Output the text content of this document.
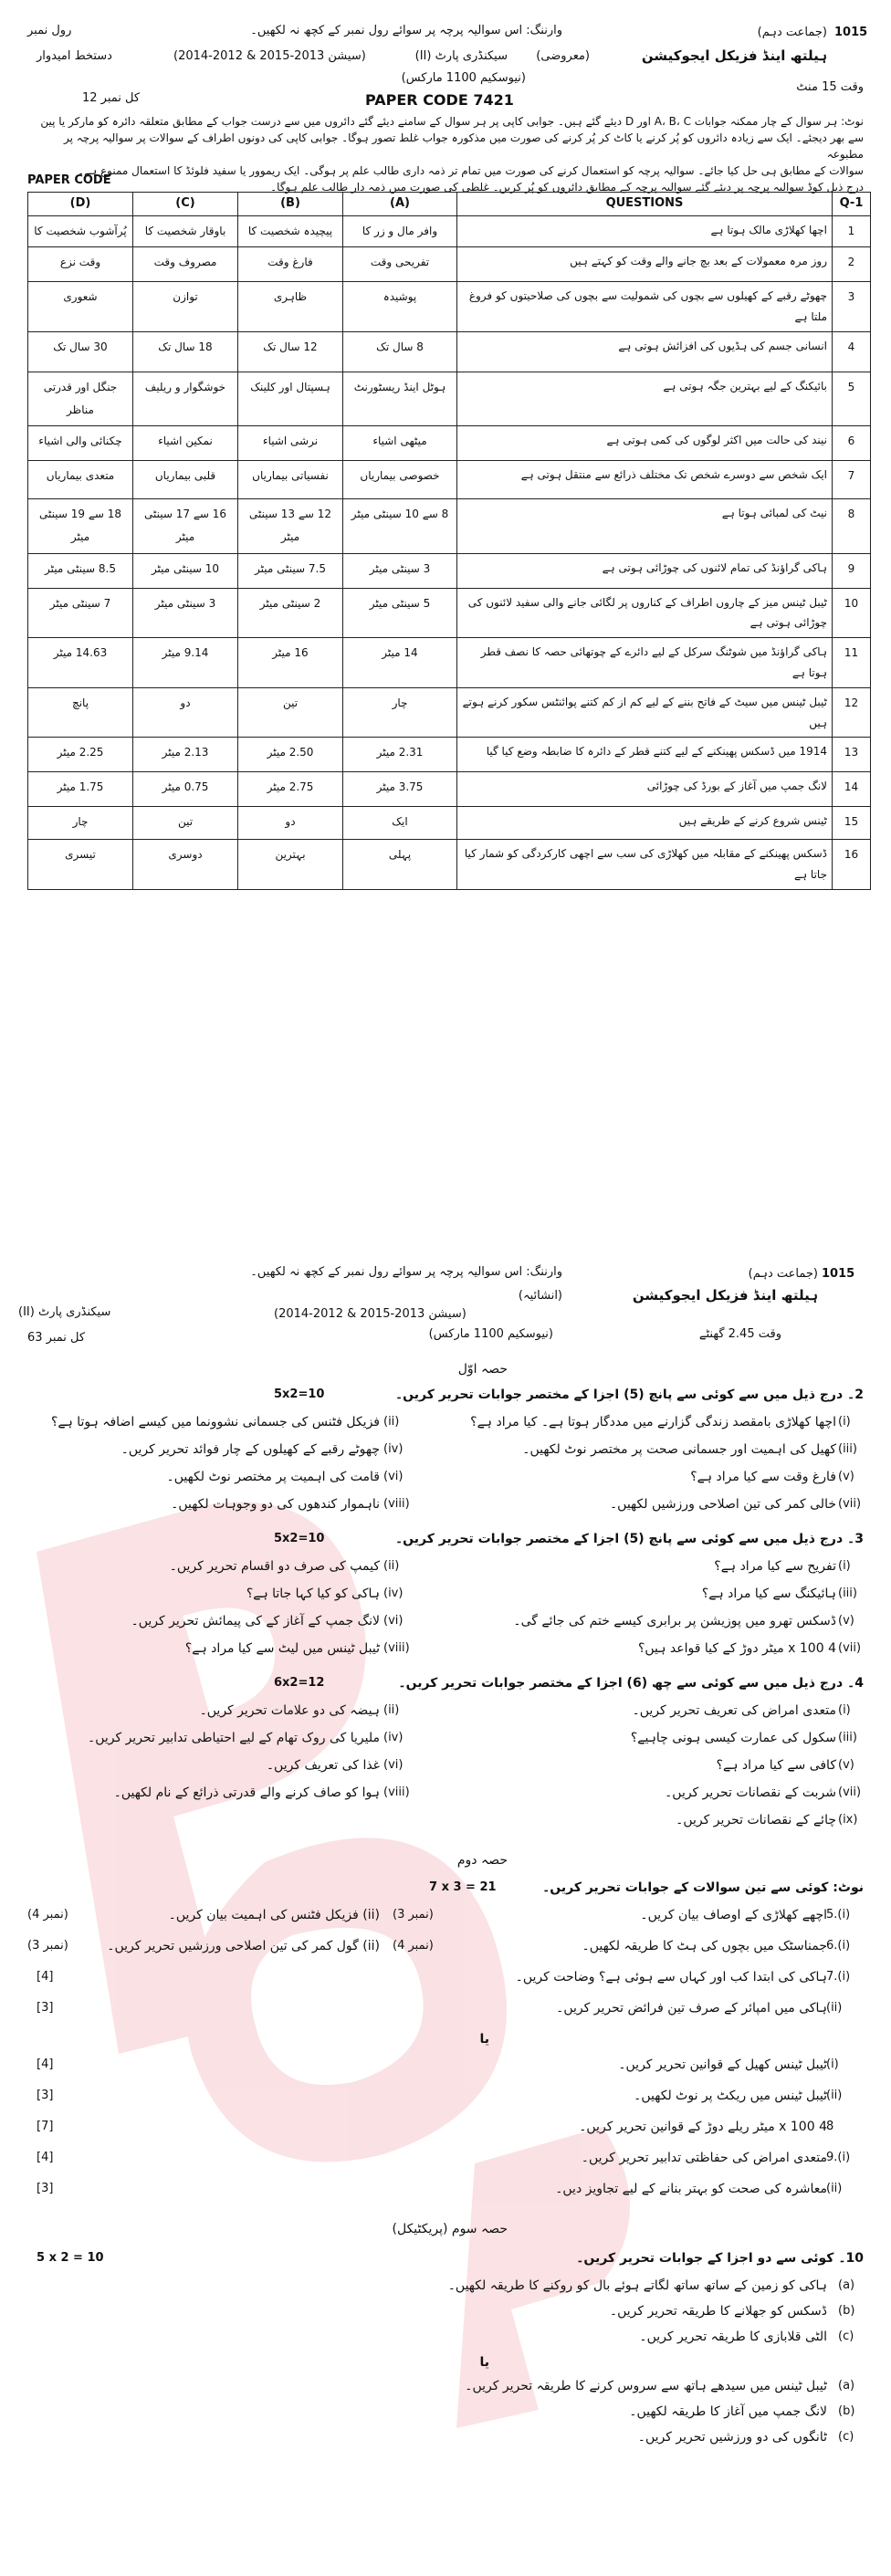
1015
(جماعت دہم)
وارننگ: اس سوالیہ پرچہ پر سوائے رول نمبر کے کچھ نہ لکھیں۔
رول نمبر
ہیلتھ اینڈ فزیکل ایجوکیشن
(معروضی)
سیکنڈری پارٹ (II)
(سیشن 2013-2015 & 2012-2014)
دستخط امیدوار
وقت 15 منٹ
(نیوسکیم 1100 مارکس)
PAPER CODE 7421
کل نمبر 12
نوٹ: ہر سوال کے چار ممکنہ جوابات A، B، C اور D دیئے گئے ہیں۔ جوابی کاپی پر ہر سوال کے سامنے دیئے گئے دائروں میں سے درست جواب کے مطابق متعلقہ دائرہ کو مارکر یا پین
سے بھر دیجئے۔ ایک سے زیادہ دائروں کو پُر کرنے یا کاٹ کر پُر کرنے کی صورت میں مذکورہ جواب غلط تصور ہوگا۔ جوابی کاپی کی دونوں اطراف کے سوالات پر سوالیہ پرچہ پر مطبوعہ
سوالات کے مطابق ہی حل کیا جائے۔ سوالیہ پرچہ کو استعمال کرنے کی صورت میں تمام تر ذمہ داری طالب علم پر ہوگی۔ ایک ریموور یا سفید فلوئڈ کا استعمال ممنوع ہے۔
درج ذیل کوڈ سوالیہ پرچہ پر دیئے گئے سوالیہ پرچہ کے مطابق دائروں کو پُر کریں۔ غلطی کی صورت میں ذمہ دار طالب علم ہوگا۔
PAPER CODE
(D)	(C)	(B)	(A)	QUESTIONS	Q-1
پُرآشوب شخصیت کا	باوقار شخصیت کا	پیچیدہ شخصیت کا	وافر مال و زر کا	اچھا کھلاڑی مالک ہوتا ہے	1
وقت نزع	مصروف وقت	فارغ وقت	تفریحی وقت	روز مرہ معمولات کے بعد بچ جانے والے وقت کو کہتے ہیں	2
شعوری	توازن	ظاہری	پوشیدہ	چھوٹے رقبے کے کھیلوں سے بچوں کی شمولیت سے بچوں کی صلاحیتوں کو فروغ ملتا ہے	3
30 سال تک	18 سال تک	12 سال تک	8 سال تک	انسانی جسم کی ہڈیوں کی افزائش ہوتی ہے	4
جنگل اور قدرتی مناظر	خوشگوار و ریلیف	ہسپتال اور کلینک	ہوٹل اینڈ ریسٹورنٹ	بائیکنگ کے لیے بہترین جگہ ہوتی ہے	5
چکنائی والی اشیاء	نمکین اشیاء	نرشی اشیاء	میٹھی اشیاء	نیند کی حالت میں اکثر لوگوں کی کمی ہوتی ہے	6
متعدی بیماریاں	قلبی بیماریاں	نفسیاتی بیماریاں	خصوصی بیماریاں	ایک شخص سے دوسرے شخص تک مختلف ذرائع سے منتقل ہوتی ہے	7
18 سے 19 سینٹی میٹر	16 سے 17 سینٹی میٹر	12 سے 13 سینٹی میٹر	8 سے 10 سینٹی میٹر	نیٹ کی لمبائی ہوتا ہے	8
8.5 سینٹی میٹر	10 سینٹی میٹر	7.5 سینٹی میٹر	3 سینٹی میٹر	ہاکی گراؤنڈ کی تمام لائنوں کی چوڑائی ہوتی ہے	9
7 سینٹی میٹر	3 سینٹی میٹر	2 سینٹی میٹر	5 سینٹی میٹر	ٹیبل ٹینس میز کے چاروں اطراف کے کناروں پر لگائی جانے والی سفید لائنوں کی چوڑائی ہوتی ہے	10
14.63 میٹر	9.14 میٹر	16 میٹر	14 میٹر	ہاکی گراؤنڈ میں شوٹنگ سرکل کے لیے دائرے کے چوتھائی حصہ کا نصف قطر ہوتا ہے	11
پانچ	دو	تین	چار	ٹیبل ٹینس میں سیٹ کے فاتح بننے کے لیے کم از کم کتنے پوائنٹس سکور کرنے ہوتے ہیں	12
2.25 میٹر	2.13 میٹر	2.50 میٹر	2.31 میٹر	1914 میں ڈسکس پھینکنے کے لیے کتنے قطر کے دائرہ کا ضابطہ وضع کیا گیا	13
1.75 میٹر	0.75 میٹر	2.75 میٹر	3.75 میٹر	لانگ جمپ میں آغاز کے بورڈ کی چوڑائی	14
چار	تین	دو	ایک	ٹینس شروع کرنے کے طریقے ہیں	15
تیسری	دوسری	بہترین	پہلی	ڈسکس پھینکنے کے مقابلہ میں کھلاڑی کی سب سے اچھی کارکردگی کو شمار کیا جاتا ہے	16
1015
(جماعت دہم)
وارننگ: اس سوالیہ پرچہ پر سوائے رول نمبر کے کچھ نہ لکھیں۔
ہیلتھ اینڈ فزیکل ایجوکیشن
(انشائیہ)
(سیشن 2013-2015 & 2012-2014)
سیکنڈری پارٹ (II)
وقت 2.45 گھنٹے
(نیوسکیم 1100 مارکس)
کل نمبر 63
حصہ اوّل
2۔ درج ذیل میں سے کوئی سے پانچ (5) اجزا کے مختصر جوابات تحریر کریں۔
5x2=10
اچھا کھلاڑی بامقصد زندگی گزارنے میں مددگار ہوتا ہے۔ کیا مراد ہے؟ (i)
فزیکل فٹنس کی جسمانی نشوونما میں کیسے اضافہ ہوتا ہے؟ (ii)
کھیل کی اہمیت اور جسمانی صحت پر مختصر نوٹ لکھیں۔ (iii)
چھوٹے رقبے کے کھیلوں کے چار فوائد تحریر کریں۔ (iv)
فارغ وقت سے کیا مراد ہے؟ (v)
قامت کی اہمیت پر مختصر نوٹ لکھیں۔ (vi)
خالی کمر کی تین اصلاحی ورزشیں لکھیں۔ (vii)
ناہموار کندھوں کی دو وجوہات لکھیں۔ (viii)
3۔ درج ذیل میں سے کوئی سے پانچ (5) اجزا کے مختصر جوابات تحریر کریں۔
5x2=10
تفریح سے کیا مراد ہے؟ (i)
کیمپ کی صرف دو اقسام تحریر کریں۔ (ii)
ہائیکنگ سے کیا مراد ہے؟ (iii)
ہاکی کو کیا کہا جاتا ہے؟ (iv)
ڈسکس تھرو میں پوزیشن پر برابری کیسے ختم کی جائے گی۔ (v)
لانگ جمپ کے آغاز کے کی پیمائش تحریر کریں۔ (vi)
4 x 100 میٹر دوڑ کے کیا قواعد ہیں؟ (vii)
ٹیبل ٹینس میں لیٹ سے کیا مراد ہے؟ (viii)
4۔ درج ذیل میں سے کوئی سے چھ (6) اجزا کے مختصر جوابات تحریر کریں۔
6x2=12
متعدی امراض کی تعریف تحریر کریں۔ (i)
ہیضہ کی دو علامات تحریر کریں۔ (ii)
سکول کی عمارت کیسی ہونی چاہیے؟ (iii)
ملیریا کی روک تھام کے لیے احتیاطی تدابیر تحریر کریں۔ (iv)
کافی سے کیا مراد ہے؟ (v)
غذا کی تعریف کریں۔ (vi)
شربت کے نقصانات تحریر کریں۔ (vii)
ہوا کو صاف کرنے والے قدرتی ذرائع کے نام لکھیں۔ (viii)
چائے کے نقصانات تحریر کریں۔ (ix)
حصہ دوم
نوٹ: کوئی سے تین سوالات کے جوابات تحریر کریں۔
7 x 3 = 21
اچھے کھلاڑی کے اوصاف بیان کریں۔ 5.(i)
(ii) فزیکل فٹنس کی اہمیت بیان کریں۔
(4 نمبر)	(3 نمبر)
جمناسٹک میں بچوں کی ہٹ کا طریقہ لکھیں۔ 6.(i)
(ii) گول کمر کی تین اصلاحی ورزشیں تحریر کریں۔
(3 نمبر)	(4 نمبر)
ہاکی کی ابتدا کب اور کہاں سے ہوئی ہے؟ وضاحت کریں۔ 7.(i)
[4]
ہاکی میں امپائر کے صرف تین فرائض تحریر کریں۔ (ii)
[3]
یا
ٹیبل ٹینس کھیل کے قوانین تحریر کریں۔ (i)
[4]
ٹیبل ٹینس میں ریکٹ پر نوٹ لکھیں۔ (ii)
[3]
4 x 100 میٹر ریلے دوڑ کے قوانین تحریر کریں۔ 8
[7]
متعدی امراض کی حفاظتی تدابیر تحریر کریں۔ 9.(i)
[4]
معاشرہ کی صحت کو بہتر بنانے کے لیے تجاویز دیں۔ (ii)
[3]
حصہ سوم (پریکٹیکل)
10۔ کوئی سے دو اجزا کے جوابات تحریر کریں۔
5 x 2 = 10
ہاکی کو زمین کے ساتھ ساتھ لگاتے ہوئے بال کو روکنے کا طریقہ لکھیں۔ (a)
ڈسکس کو جھلانے کا طریقہ تحریر کریں۔ (b)
الٹی قلابازی کا طریقہ تحریر کریں۔ (c)
یا
ٹیبل ٹینس میں سیدھے ہاتھ سے سروس کرنے کا طریقہ تحریر کریں۔ (a)
لانگ جمپ میں آغاز کا طریقہ لکھیں۔ (b)
ٹانگوں کی دو ورزشیں تحریر کریں۔ (c)
